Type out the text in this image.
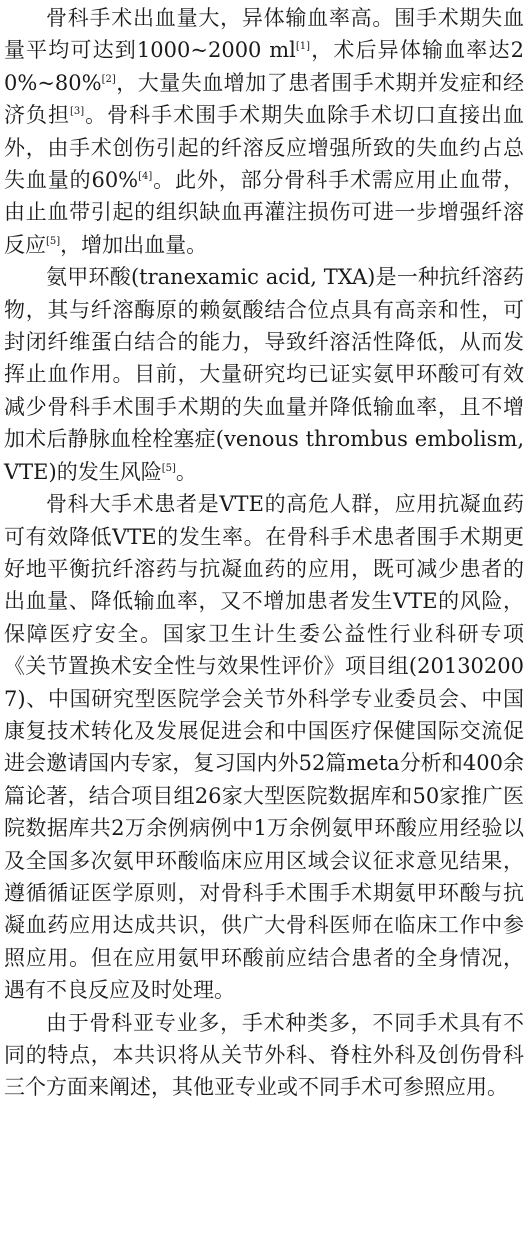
骨科手术出血量大，异体输血率高。围手术期失血量平均可达到1000~2000 ml[1]，术后异体输血率达20%~80%[2]，大量失血增加了患者围手术期并发症和经济负担[3]。骨科手术围手术期失血除手术切口直接出血外，由手术创伤引起的纤溶反应增强所致的失血约占总失血量的60%[4]。此外，部分骨科手术需应用止血带，由止血带引起的组织缺血再灌注损伤可进一步增强纤溶反应[5]，增加出血量。

氨甲环酸(tranexamic acid, TXA)是一种抗纤溶药物，其与纤溶酶原的赖氨酸结合位点具有高亲和性，可封闭纤维蛋白结合的能力，导致纤溶活性降低，从而发挥止血作用。目前，大量研究均已证实氨甲环酸可有效减少骨科手术围手术期的失血量并降低输血率，且不增加术后静脉血栓栓塞症(venous thrombus embolism, VTE)的发生风险[5]。

骨科大手术患者是VTE的高危人群，应用抗凝血药可有效降低VTE的发生率。在骨科手术患者围手术期更好地平衡抗纤溶药与抗凝血药的应用，既可减少患者的出血量、降低输血率，又不增加患者发生VTE的风险，保障医疗安全。国家卫生计生委公益性行业科研专项《关节置换术安全性与效果性评价》项目组(201302007)、中国研究型医院学会关节外科学专业委员会、中国康复技术转化及发展促进会和中国医疗保健国际交流促进会邀请国内专家，复习国内外52篇meta分析和400余篇论著，结合项目组26家大型医院数据库和50家推广医院数据库共2万余例病例中1万余例氨甲环酸应用经验以及全国多次氨甲环酸临床应用区域会议征求意见结果，遵循循证医学原则，对骨科手术围手术期氨甲环酸与抗凝血药应用达成共识，供广大骨科医师在临床工作中参照应用。但在应用氨甲环酸前应结合患者的全身情况，遇有不良反应及时处理。

由于骨科亚专业多，手术种类多，不同手术具有不同的特点，本共识将从关节外科、脊柱外科及创伤骨科三个方面来阐述，其他亚专业或不同手术可参照应用。
